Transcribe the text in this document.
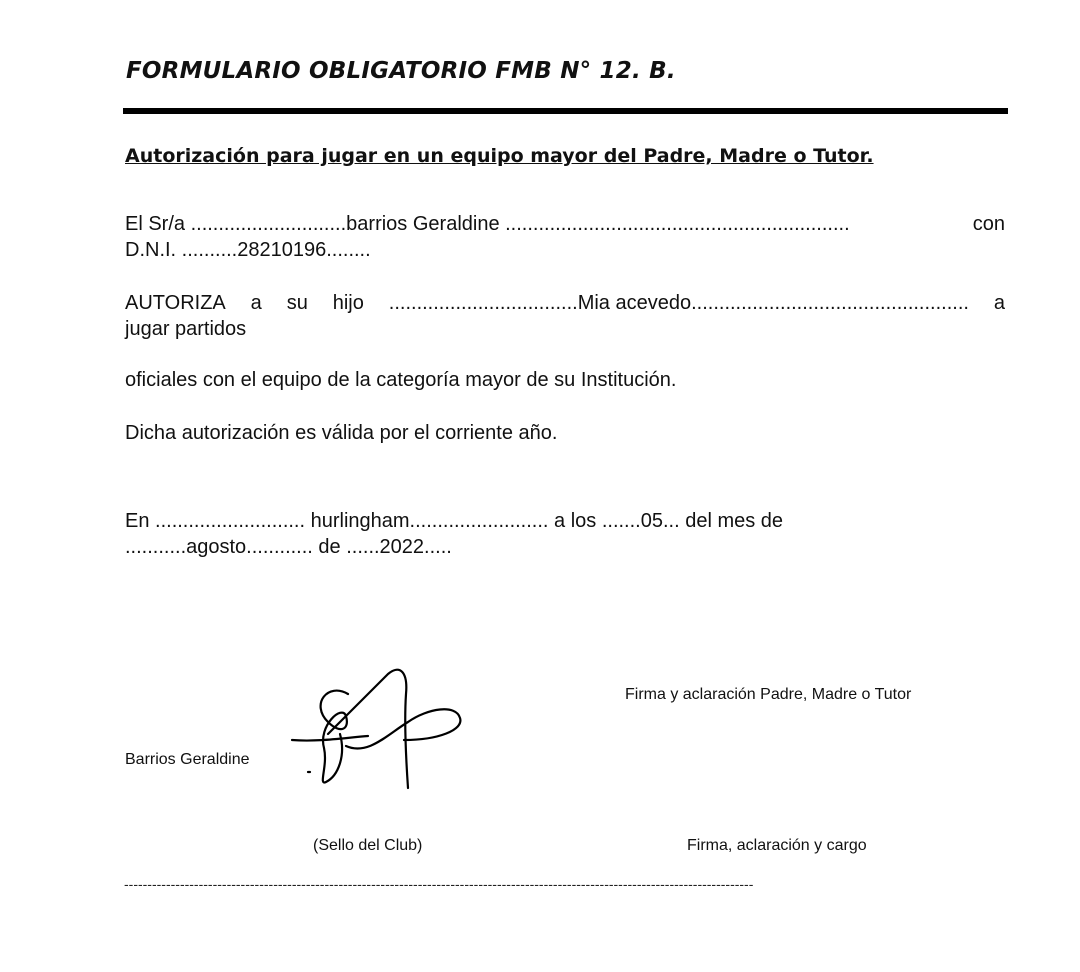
FORMULARIO OBLIGATORIO FMB N° 12. B.
Autorización para jugar en un equipo mayor del Padre, Madre o Tutor.
El Sr/a ............................barrios Geraldine ..............................................................	con
D.N.I. ..........28210196........
AUTORIZA a su hijo ..................................Mia acevedo.................................................. a
jugar partidos
oficiales con el equipo de la categoría mayor de su Institución.
Dicha autorización es válida por el corriente año.
En ........................... hurlingham......................... a los .......05... del mes de
...........agosto............ de ......2022.....
Firma y aclaración Padre, Madre o Tutor
Barrios Geraldine
(Sello del Club)	Firma, aclaración y cargo
---------------------------------------------------------------------------------------------------------------------------------------
